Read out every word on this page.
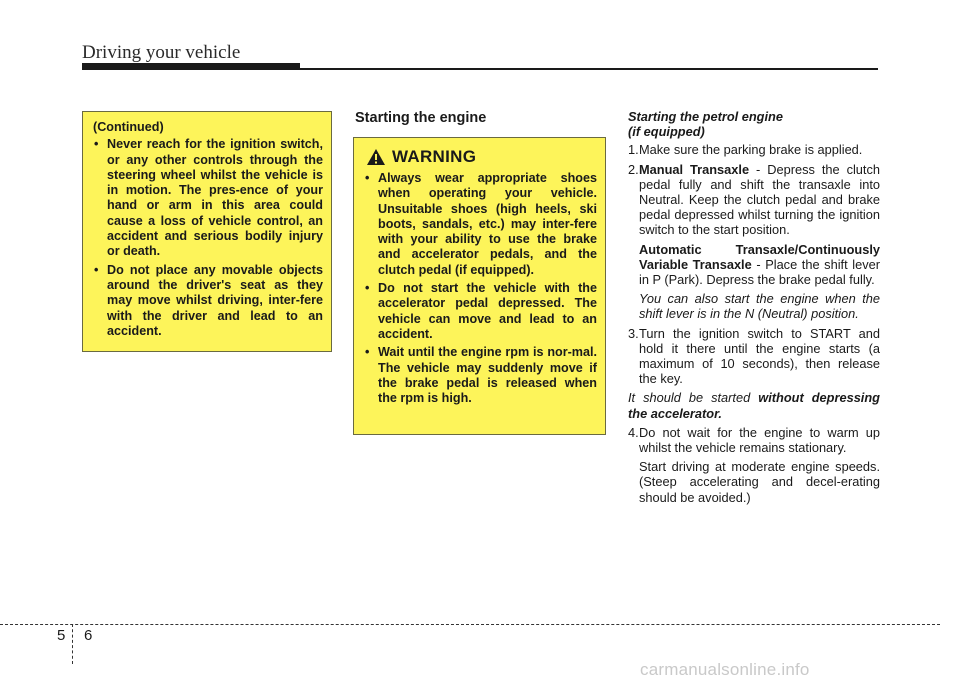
Driving your vehicle
(Continued)
• Never reach for the ignition switch, or any other controls through the steering wheel whilst the vehicle is in motion. The pres-ence of your hand or arm in this area could cause a loss of vehicle control, an accident and serious bodily injury or death.
• Do not place any movable objects around the driver's seat as they may move whilst driving, inter-fere with the driver and lead to an accident.
Starting the engine
WARNING
• Always wear appropriate shoes when operating your vehicle. Unsuitable shoes (high heels, ski boots, sandals, etc.) may inter-fere with your ability to use the brake and accelerator pedals, and the clutch pedal (if equipped).
• Do not start the vehicle with the accelerator pedal depressed. The vehicle can move and lead to an accident.
• Wait until the engine rpm is nor-mal. The vehicle may suddenly move if the brake pedal is released when the rpm is high.
Starting the petrol engine
(if equipped)
1. Make sure the parking brake is applied.
2. Manual Transaxle - Depress the clutch pedal fully and shift the transaxle into Neutral. Keep the clutch pedal and brake pedal depressed whilst turning the ignition switch to the start position.
Automatic Transaxle/Continuously Variable Transaxle - Place the shift lever in P (Park). Depress the brake pedal fully.
You can also start the engine when the shift lever is in the N (Neutral) position.
3. Turn the ignition switch to START and hold it there until the engine starts (a maximum of 10 seconds), then release the key.
It should be started without depressing the accelerator.
4. Do not wait for the engine to warm up whilst the vehicle remains stationary.
Start driving at moderate engine speeds. (Steep accelerating and decel-erating should be avoided.)
5 6
carmanualsonline.info
